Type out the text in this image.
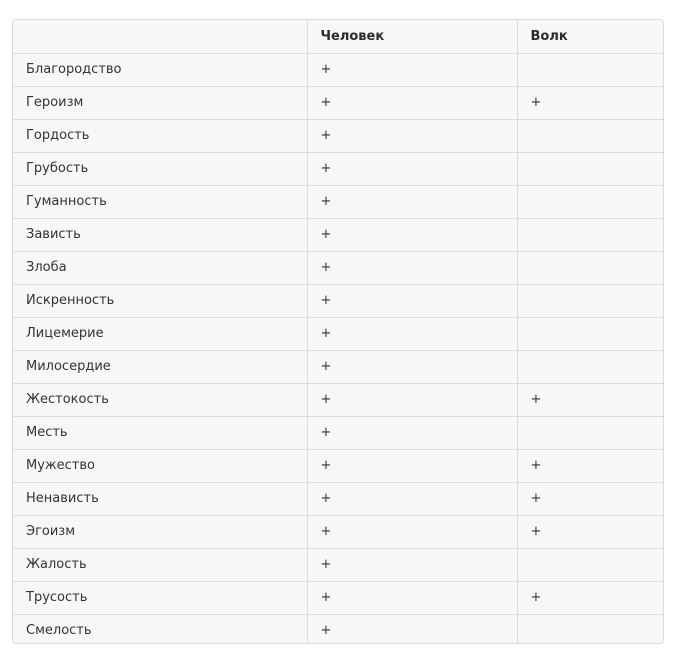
	Человек	Волк
Благородство	+	
Героизм	+	+
Гордость	+	
Грубость	+	
Гуманность	+	
Зависть	+	
Злоба	+	
Искренность	+	
Лицемерие	+	
Милосердие	+	
Жестокость	+	+
Месть	+	
Мужество	+	+
Ненависть	+	+
Эгоизм	+	+
Жалость	+	
Трусость	+	+
Смелость	+	
